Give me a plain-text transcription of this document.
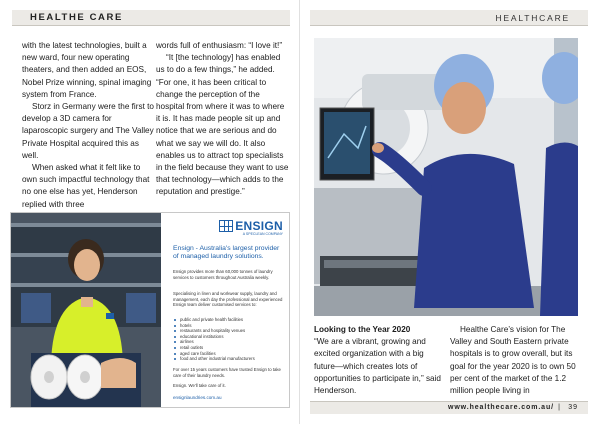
HEALTHE CARE

with the latest technologies, built a new ward, four new operating theaters, and then added an EOS, Nobel Prize winning, spinal imaging system from France.

Storz in Germany were the first to develop a 3D camera for laparoscopic surgery and The Valley Private Hospital acquired this as well.

When asked what it felt like to own such impactful technology that no one else has yet, Henderson replied with three

words full of enthusiasm: “I love it!”

“It [the technology] has enabled us to do a few things,” he added. “For one, it has been critical to change the perception of the hospital from where it was to where it is. It has made people sit up and notice that we are serious and do what we say we will do. It also enables us to attract top specialists in the field because they want to use that technology—which adds to the reputation and prestige.”

ENSIGN
A SPECLEAN COMPANY
Ensign - Australia's largest provider of managed laundry solutions.
Ensign provides more than 60,000 tonnes of laundry services to customers throughout Australia weekly.
Specialising in linen and workwear supply, laundry and management, each day the professional and experienced Ensign team deliver customised services to:
public and private health facilities
hotels
restaurants and hospitality venues
educational institutions
airlines
retail outlets
aged care facilities
food and other industrial manufacturers
For over 15 years customers have trusted Ensign to take care of their laundry needs.
Ensign. We'll take care of it.
ensignlaundries.com.au
HEALTHCARE

Looking to the Year 2020

“We are a vibrant, growing and excited organization with a big future—which creates lots of opportunities to participate in,” said Henderson.

Healthe Care’s vision for The Valley and South Eastern private hospitals is to grow overall, but its goal for the year 2020 is to own 50 per cent of the market of the 1.2 million people living in

www.healthecare.com.au/ | 39
